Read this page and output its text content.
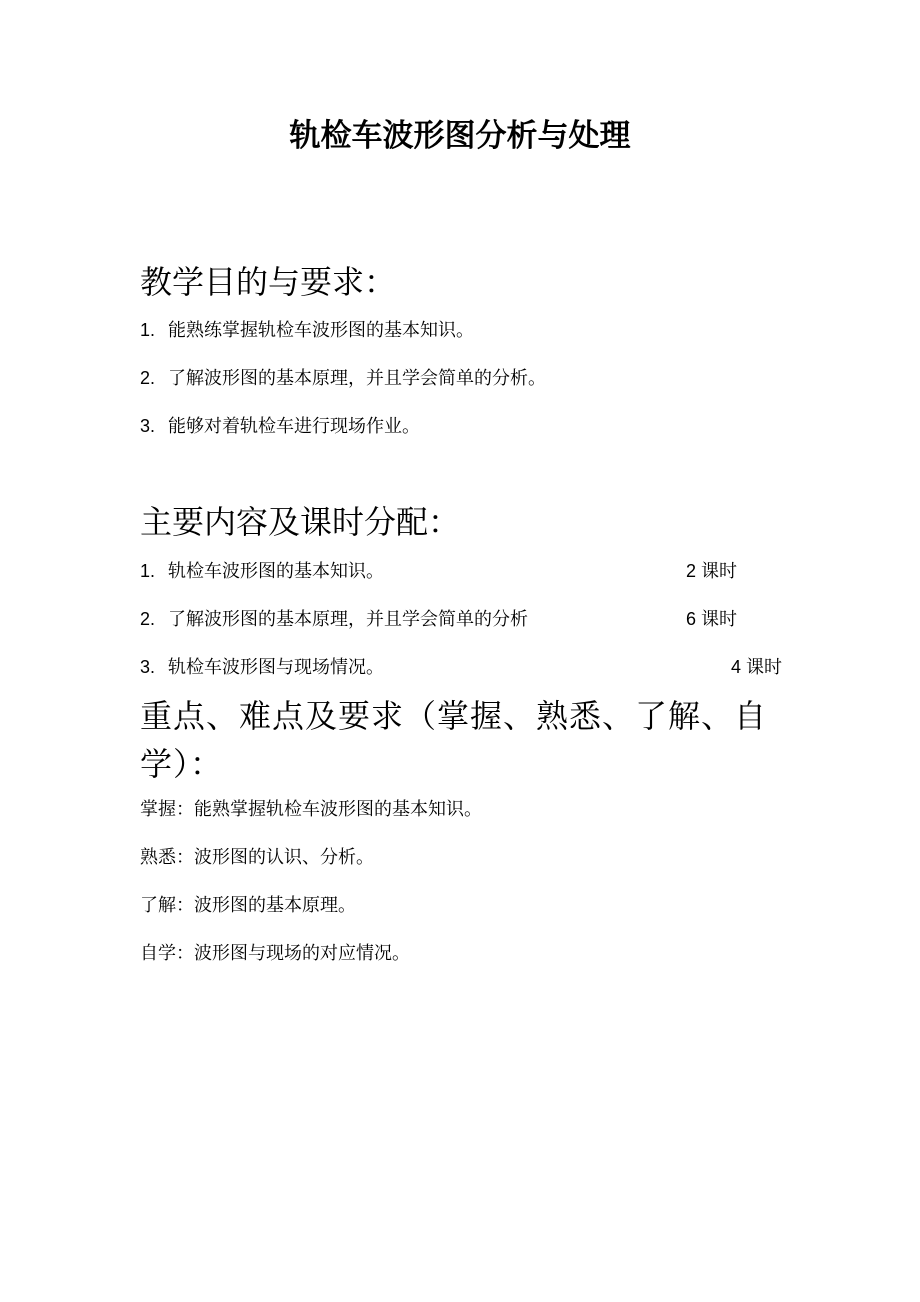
轨检车波形图分析与处理
教学目的与要求：
1. 能熟练掌握轨检车波形图的基本知识。
2. 了解波形图的基本原理，并且学会简单的分析。
3. 能够对着轨检车进行现场作业。
主要内容及课时分配：
1. 轨检车波形图的基本知识。	2 课时
2. 了解波形图的基本原理，并且学会简单的分析	6 课时
3. 轨检车波形图与现场情况。	4 课时
重点、难点及要求（掌握、熟悉、了解、自学）：
掌握：能熟掌握轨检车波形图的基本知识。
熟悉：波形图的认识、分析。
了解：波形图的基本原理。
自学：波形图与现场的对应情况。
